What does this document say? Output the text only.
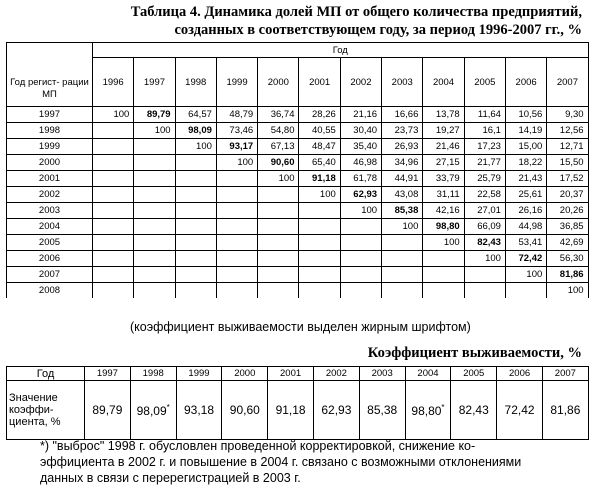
Таблица 4. Динамика долей МП от общего количества предприятий,
созданных в соответствующем году, за период 1996-2007 гг., %
Год регист- рации МП	Год											
	1996	1997	1998	1999	2000	2001	2002	2003	2004	2005	2006	2007
1997	100	89,79	64,57	48,79	36,74	28,26	21,16	16,66	13,78	11,64	10,56	9,30
1998		100	98,09	73,46	54,80	40,55	30,40	23,73	19,27	16,1	14,19	12,56
1999			100	93,17	67,13	48,47	35,40	26,93	21,46	17,23	15,00	12,71
2000				100	90,60	65,40	46,98	34,96	27,15	21,77	18,22	15,50
2001					100	91,18	61,78	44,91	33,79	25,79	21,43	17,52
2002						100	62,93	43,08	31,11	22,58	25,61	20,37
2003							100	85,38	42,16	27,01	26,16	20,26
2004								100	98,80	66,09	44,98	36,85
2005									100	82,43	53,41	42,69
2006										100	72,42	56,30
2007											100	81,86
2008												100
(коэффициент выживаемости выделен жирным шрифтом)
Коэффициент выживаемости, %
Год	1997	1998	1999	2000	2001	2002	2003	2004	2005	2006	2007
Значение коэффи- циента, %	89,79	98,09*	93,18	90,60	91,18	62,93	85,38	98,80*	82,43	72,42	81,86
*) "выброс" 1998 г. обусловлен проведенной корректировкой, снижение ко-
эффициента в 2002 г. и повышение в 2004 г. связано с возможными отклонениями
данных в связи с перерегистрацией в 2003 г.
